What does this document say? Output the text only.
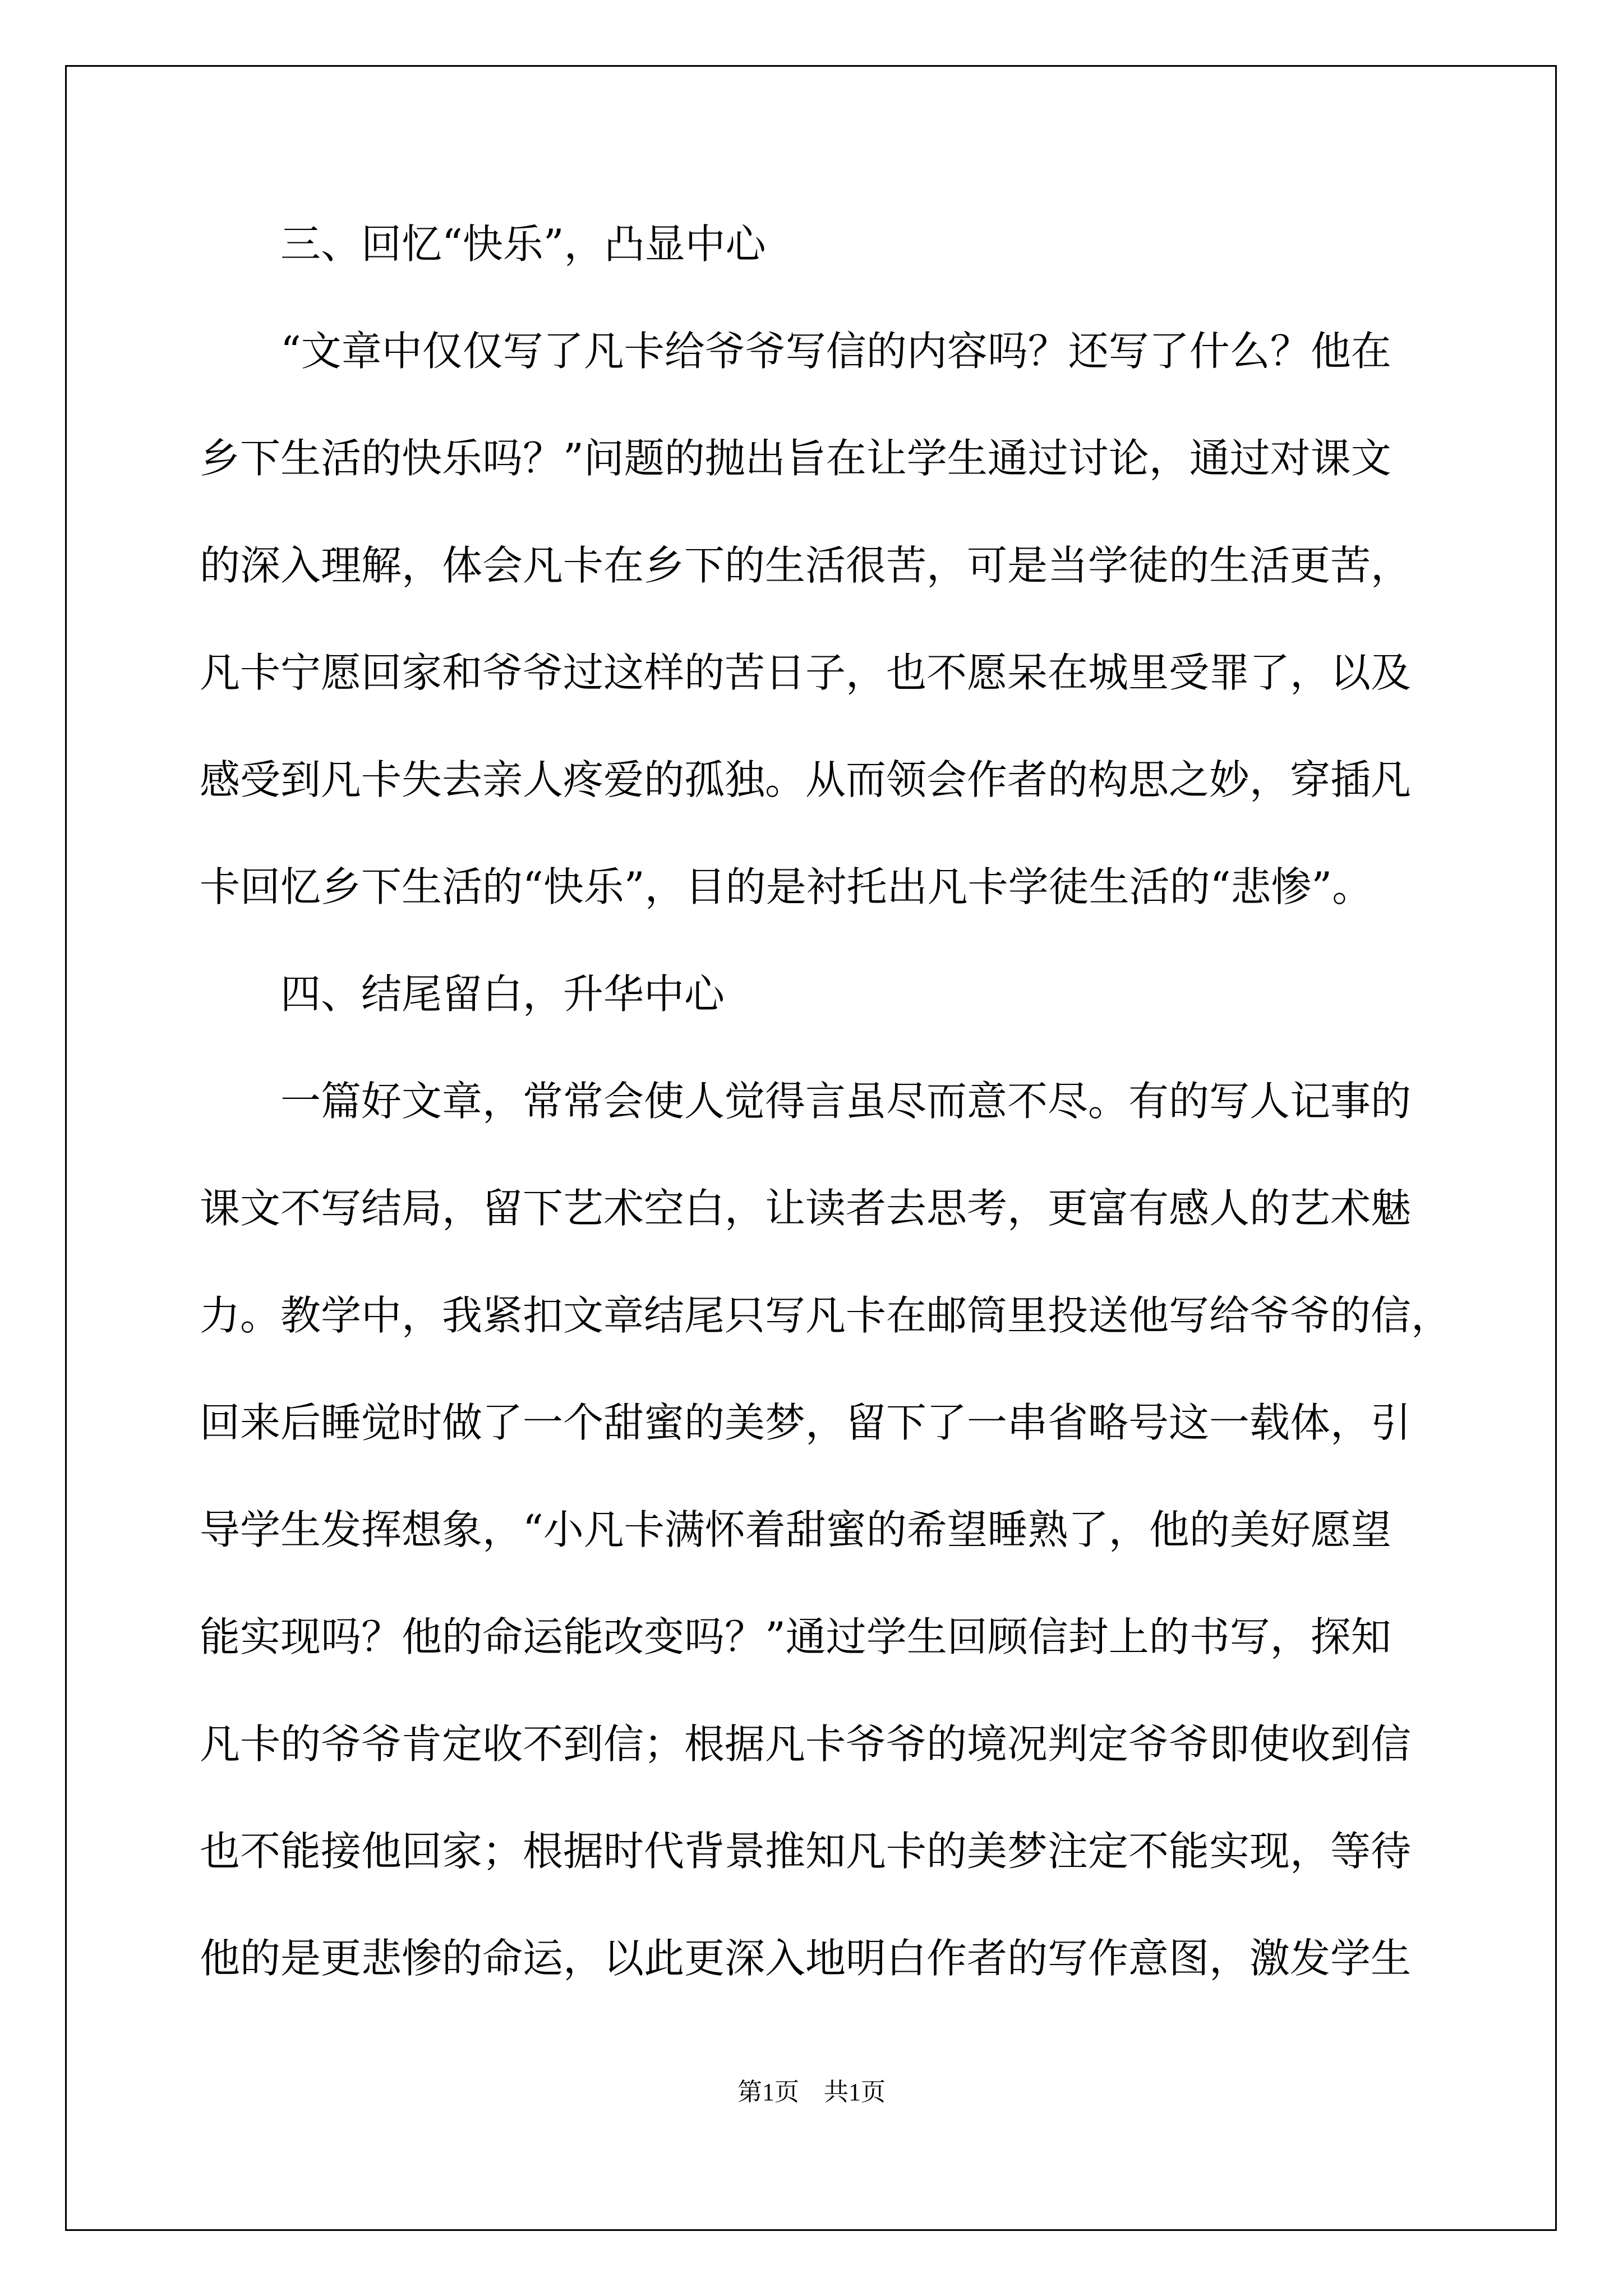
　　三、回忆“快乐”，凸显中心
　　“文章中仅仅写了凡卡给爷爷写信的内容吗？还写了什么？他在
乡下生活的快乐吗？”问题的抛出旨在让学生通过讨论，通过对课文
的深入理解，体会凡卡在乡下的生活很苦，可是当学徒的生活更苦，
凡卡宁愿回家和爷爷过这样的苦日子，也不愿呆在城里受罪了，以及
感受到凡卡失去亲人疼爱的孤独。从而领会作者的构思之妙，穿插凡
卡回忆乡下生活的“快乐”，目的是衬托出凡卡学徒生活的“悲惨”。
　　四、结尾留白，升华中心
　　一篇好文章，常常会使人觉得言虽尽而意不尽。有的写人记事的
课文不写结局，留下艺术空白，让读者去思考，更富有感人的艺术魅
力。教学中，我紧扣文章结尾只写凡卡在邮筒里投送他写给爷爷的信，
回来后睡觉时做了一个甜蜜的美梦，留下了一串省略号这一载体，引
导学生发挥想象，“小凡卡满怀着甜蜜的希望睡熟了，他的美好愿望
能实现吗？他的命运能改变吗？”通过学生回顾信封上的书写，探知
凡卡的爷爷肯定收不到信；根据凡卡爷爷的境况判定爷爷即使收到信
也不能接他回家；根据时代背景推知凡卡的美梦注定不能实现，等待
他的是更悲惨的命运，以此更深入地明白作者的写作意图，激发学生
第1页　共1页
